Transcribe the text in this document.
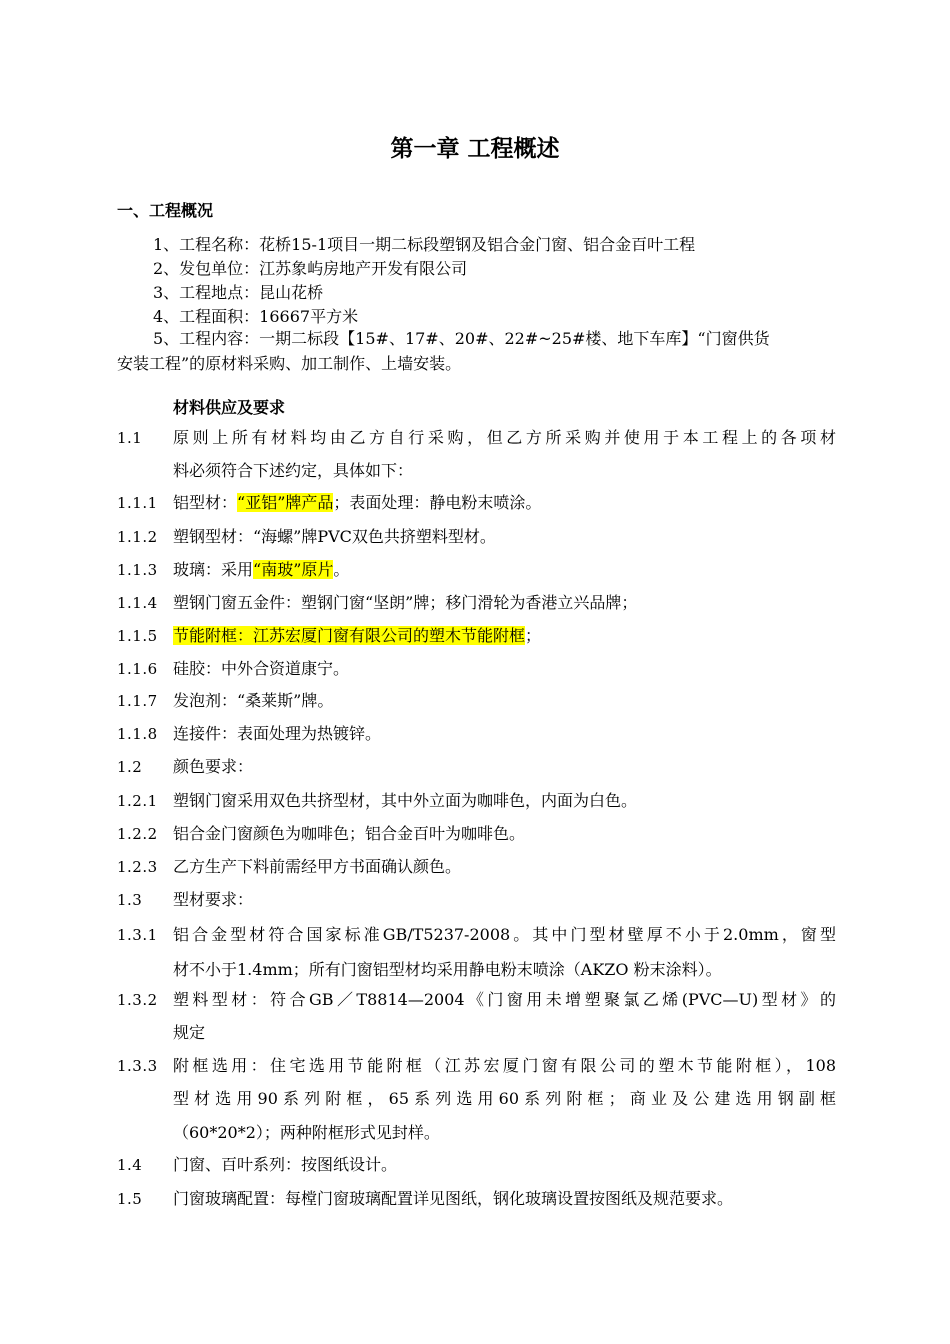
第一章 工程概述
一、工程概况
1、工程名称：花桥15-1项目一期二标段塑钢及铝合金门窗、铝合金百叶工程
2、发包单位：江苏象屿房地产开发有限公司
3、工程地点：昆山花桥
4、工程面积：16667平方米
5、工程内容：一期二标段【15#、17#、20#、22#~25#楼、地下车库】“门窗供货
安装工程”的原材料采购、加工制作、上墙安装。
材料供应及要求
1.1 原则上所有材料均由乙方自行采购，但乙方所采购并使用于本工程上的各项材
料必须符合下述约定，具体如下：
1.1.1 铝型材：“亚铝”牌产品；表面处理：静电粉末喷涂。
1.1.2 塑钢型材：“海螺”牌PVC双色共挤塑料型材。
1.1.3 玻璃：采用“南玻”原片。
1.1.4 塑钢门窗五金件：塑钢门窗“坚朗”牌；移门滑轮为香港立兴品牌；
1.1.5 节能附框：江苏宏厦门窗有限公司的塑木节能附框；
1.1.6 硅胶：中外合资道康宁。
1.1.7 发泡剂：“桑莱斯”牌。
1.1.8 连接件：表面处理为热镀锌。
1.2 颜色要求：
1.2.1 塑钢门窗采用双色共挤型材，其中外立面为咖啡色，内面为白色。
1.2.2 铝合金门窗颜色为咖啡色；铝合金百叶为咖啡色。
1.2.3 乙方生产下料前需经甲方书面确认颜色。
1.3 型材要求：
1.3.1 铝合金型材符合国家标准GB/T5237-2008。其中门型材壁厚不小于2.0mm，窗型
材不小于1.4mm；所有门窗铝型材均采用静电粉末喷涂（AKZO 粉末涂料）。
1.3.2 塑料型材：符合GB／T8814—2004《门窗用未增塑聚氯乙烯(PVC—U)型材》的
规定
1.3.3 附框选用：住宅选用节能附框（江苏宏厦门窗有限公司的塑木节能附框），108
型材选用90系列附框，65系列选用60系列附框；商业及公建选用钢副框
（60*20*2）；两种附框形式见封样。
1.4 门窗、百叶系列：按图纸设计。
1.5 门窗玻璃配置：每樘门窗玻璃配置详见图纸，钢化玻璃设置按图纸及规范要求。
